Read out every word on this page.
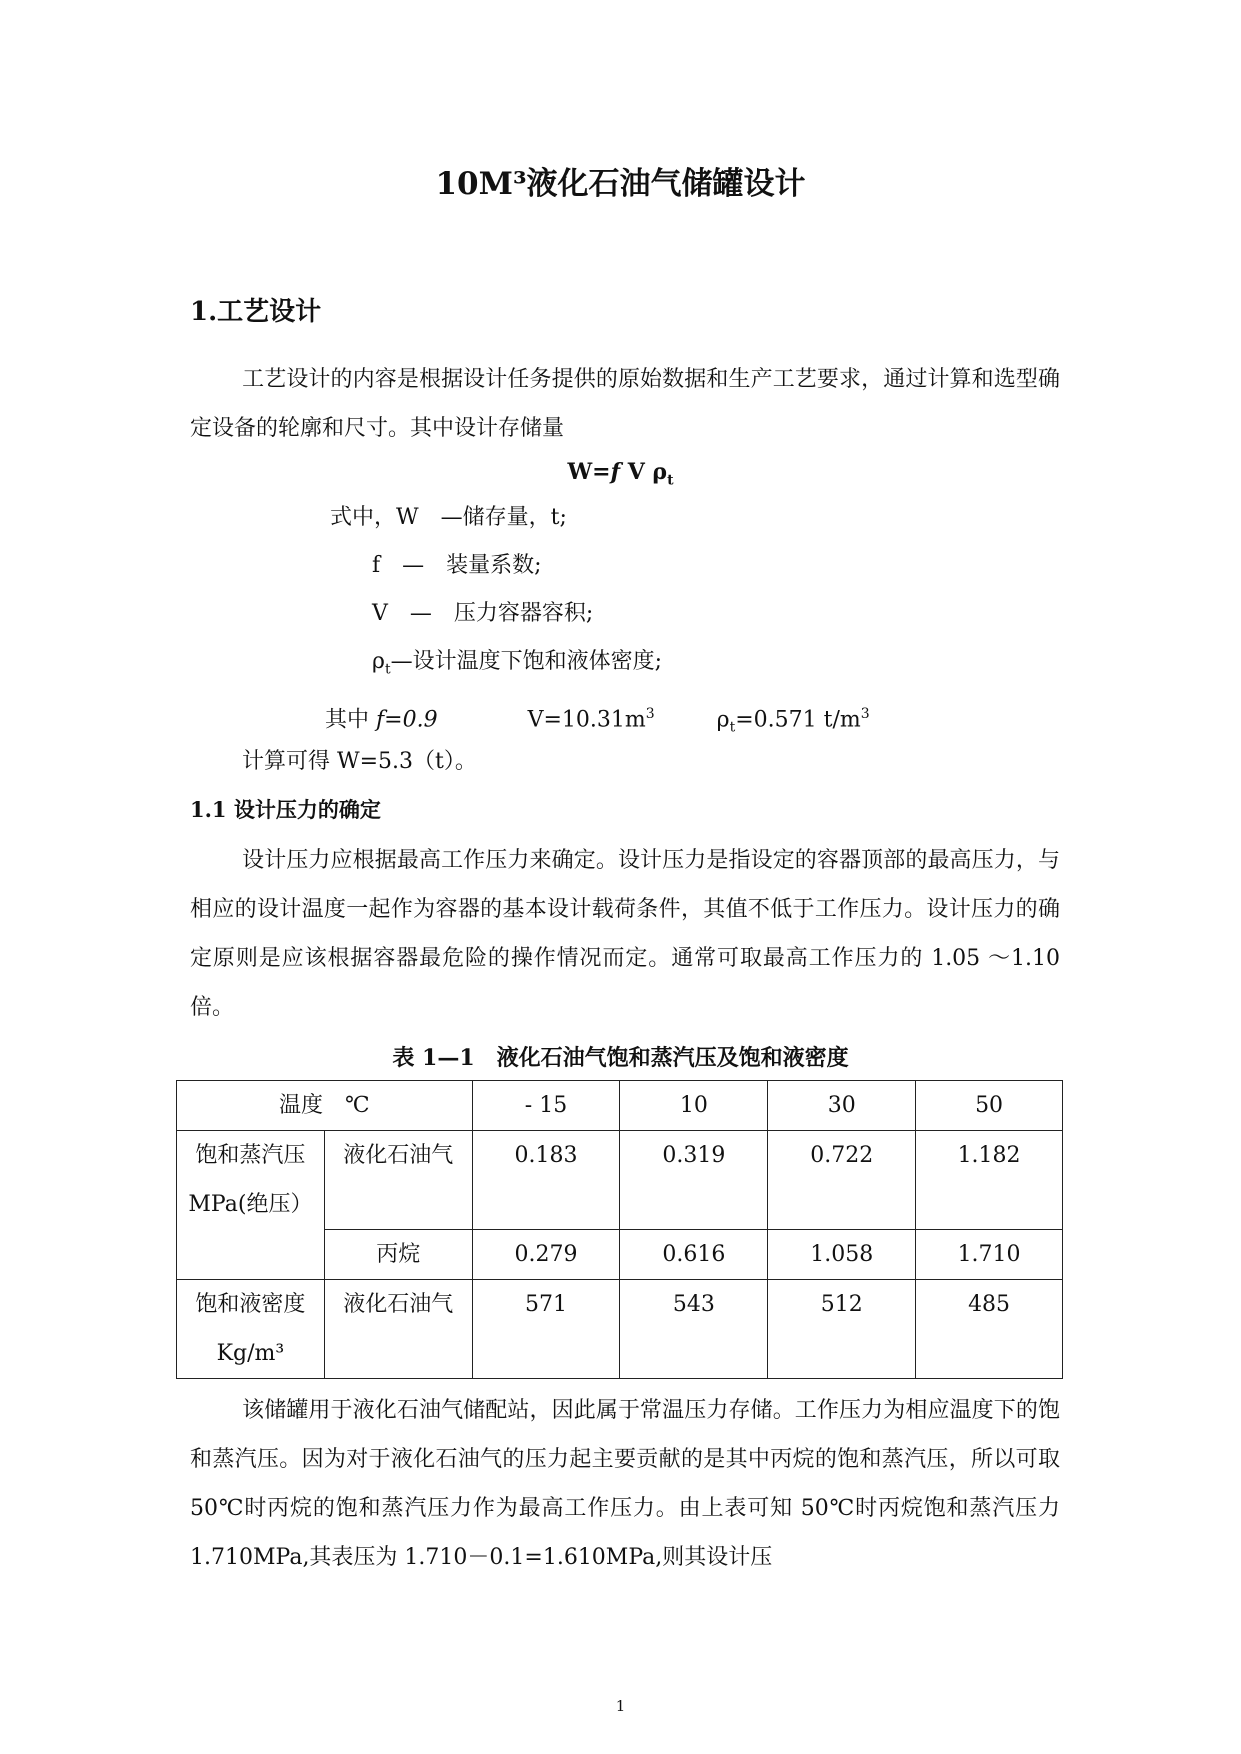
10M³液化石油气储罐设计
1.工艺设计

工艺设计的内容是根据设计任务提供的原始数据和生产工艺要求，通过计算和选型确定设备的轮廓和尺寸。其中设计存储量

W=f V $\rho_t$
式中，W　—储存量，t;
f　—　装量系数;
V　—　压力容器容积;
$\rho_t—$设计温度下饱和液体密度;
其中 f=0.9	$V=10.31m^3$	$\rho_t=0.571$ $t/m^3$
计算可得 W=5.3（t）。
1.1 设计压力的确定

设计压力应根据最高工作压力来确定。设计压力是指设定的容器顶部的最高压力，与相应的设计温度一起作为容器的基本设计载荷条件，其值不低于工作压力。设计压力的确定原则是应该根据容器最危险的操作情况而定。通常可取最高工作压力的 1.05 ～1.10 倍。

表 1—1　液化石油气饱和蒸汽压及饱和液密度
温度　℃		- 15	10	30	50
饱和蒸汽压MPa(绝压）	液化石油气	0.183	0.319	0.722	1.182
	丙烷	0.279	0.616	1.058	1.710
饱和液密度 Kg/m³	液化石油气	571	543	512	485

该储罐用于液化石油气储配站，因此属于常温压力存储。工作压力为相应温度下的饱和蒸汽压。因为对于液化石油气的压力起主要贡献的是其中丙烷的饱和蒸汽压，所以可取 50℃时丙烷的饱和蒸汽压力作为最高工作压力。由上表可知 50℃时丙烷饱和蒸汽压力 1.710MPa,其表压为 1.710－0.1=1.610MPa,则其设计压

1
